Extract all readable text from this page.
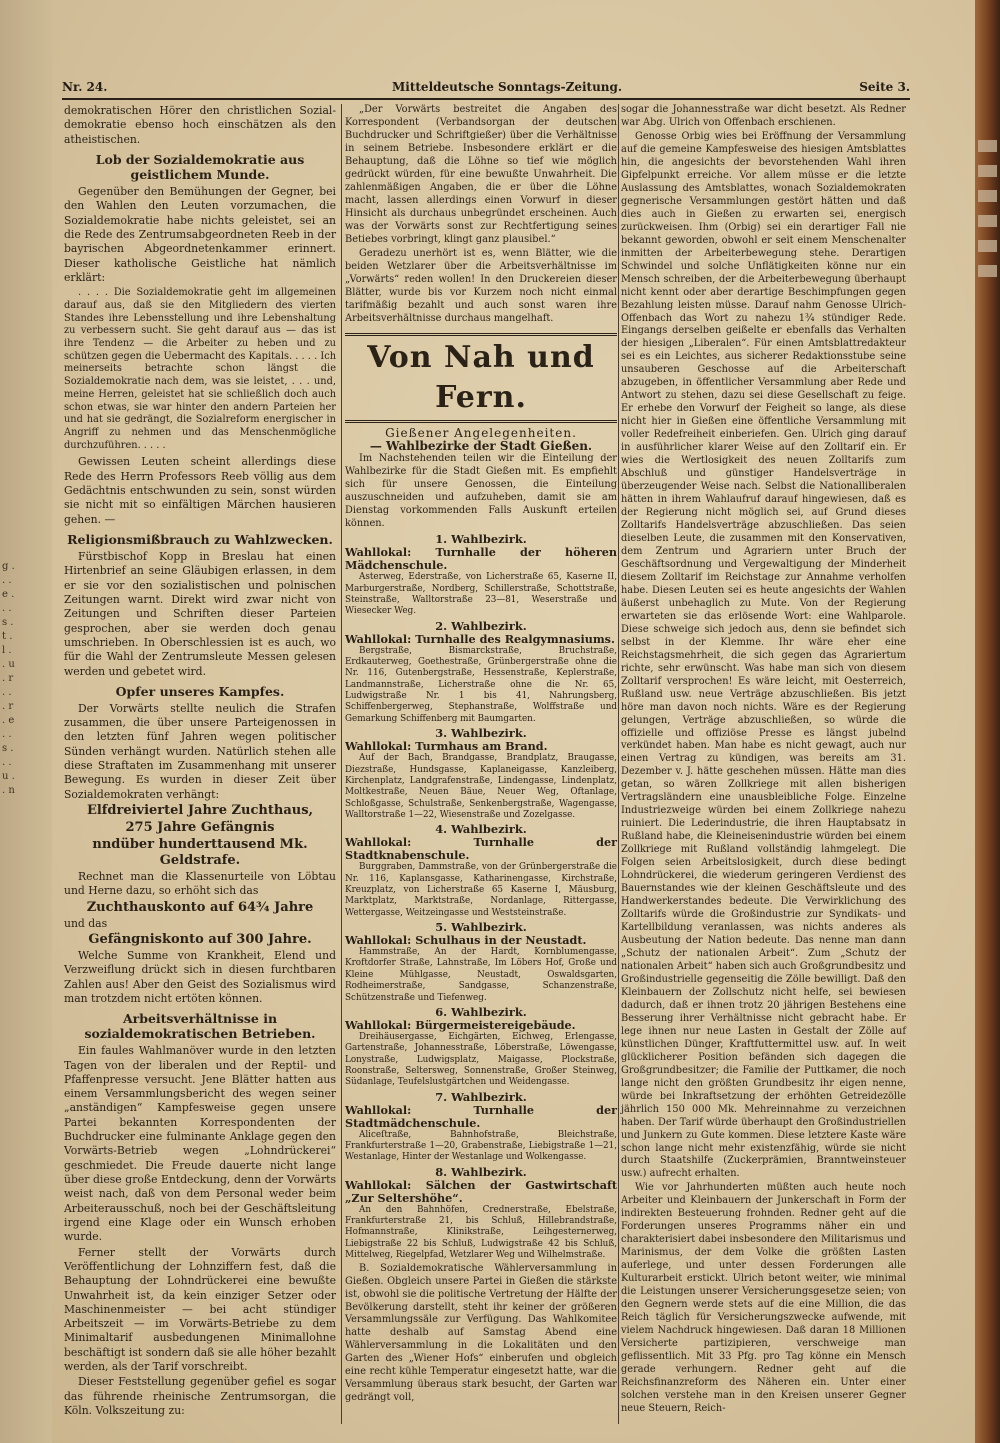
Nr. 24.	Mitteldeutsche Sonntags-Zeitung.	Seite 3.

demokratischen Hörer den christlichen Sozial-demokratie ebenso hoch einschätzen als den atheistischen.

Lob der Sozialdemokratie aus geistlichem Munde.

Gegenüber den Bemühungen der Gegner, bei den Wahlen den Leuten vorzumachen, die Sozialdemokratie habe nichts geleistet, sei an die Rede des Zentrumsabgeordneten Reeb in der bayrischen Abgeordnetenkammer erinnert. Dieser katholische Geistliche hat nämlich erklärt:

. . . . Die Sozialdemokratie geht im allgemeinen darauf aus, daß sie den Mitgliedern des vierten Standes ihre Lebensstellung und ihre Lebenshaltung zu verbessern sucht. Sie geht darauf aus — das ist ihre Tendenz — die Arbeiter zu heben und zu schützen gegen die Uebermacht des Kapitals. . . . . Ich meinerseits betrachte schon längst die Sozialdemokratie nach dem, was sie leistet, . . . und, meine Herren, geleistet hat sie schließlich doch auch schon etwas, sie war hinter den andern Parteien her und hat sie gedrängt, die Sozialreform energischer in Angriff zu nehmen und das Menschenmögliche durchzuführen. . . . .

Gewissen Leuten scheint allerdings diese Rede des Herrn Professors Reeb völlig aus dem Gedächtnis entschwunden zu sein, sonst würden sie nicht mit so einfältigen Märchen hausieren gehen. —

Religionsmißbrauch zu Wahlzwecken.

Fürstbischof Kopp in Breslau hat einen Hirtenbrief an seine Gläubigen erlassen, in dem er sie vor den sozialistischen und polnischen Zeitungen warnt. Direkt wird zwar nicht von Zeitungen und Schriften dieser Parteien gesprochen, aber sie werden doch genau umschrieben. In Oberschlessien ist es auch, wo für die Wahl der Zentrumsleute Messen gelesen werden und gebetet wird.

Opfer unseres Kampfes.

Der Vorwärts stellte neulich die Strafen zusammen, die über unsere Parteigenossen in den letzten fünf Jahren wegen politischer Sünden verhängt wurden. Natürlich stehen alle diese Straftaten im Zusammenhang mit unserer Bewegung. Es wurden in dieser Zeit über Sozialdemokraten verhängt:

Elfdreiviertel Jahre Zuchthaus,
275 Jahre Gefängnis
nndüber hunderttausend Mk. Geldstrafe.

Rechnet man die Klassenurteile von Löbtau und Herne dazu, so erhöht sich das

Zuchthauskonto auf 64¾ Jahre

und das

Gefängniskonto auf 300 Jahre.

Welche Summe von Krankheit, Elend und Verzweiflung drückt sich in diesen furchtbaren Zahlen aus! Aber den Geist des Sozialismus wird man trotzdem nicht ertöten können.

Arbeitsverhältnisse in sozialdemokratischen Betrieben.

Ein faules Wahlmanöver wurde in den letzten Tagen von der liberalen und der Reptil- und Pfaffenpresse versucht. Jene Blätter hatten aus einem Versammlungsbericht des wegen seiner „anständigen“ Kampfesweise gegen unsere Partei bekannten Korrespondenten der Buchdrucker eine fulminante Anklage gegen den Vorwärts-Betrieb wegen „Lohndrückerei“ geschmiedet. Die Freude dauerte nicht lange über diese große Entdeckung, denn der Vorwärts weist nach, daß von dem Personal weder beim Arbeiterausschuß, noch bei der Geschäftsleitung irgend eine Klage oder ein Wunsch erhoben wurde.

Ferner stellt der Vorwärts durch Veröffentlichung der Lohnziffern fest, daß die Behauptung der Lohndrückerei eine bewußte Unwahrheit ist, da kein einziger Setzer oder Maschinenmeister — bei acht stündiger Arbeitszeit — im Vorwärts-Betriebe zu dem Minimaltarif ausbedungenen Minimallohne beschäftigt ist sondern daß sie alle höher bezahlt werden, als der Tarif vorschreibt.

Dieser Feststellung gegenüber gefiel es sogar das führende rheinische Zentrumsorgan, die Köln. Volkszeitung zu:

„Der Vorwärts bestreitet die Angaben des Korrespondent (Verbandsorgan der deutschen Buchdrucker und Schriftgießer) über die Verhältnisse in seinem Betriebe. Insbesondere erklärt er die Behauptung, daß die Löhne so tief wie möglich gedrückt würden, für eine bewußte Unwahrheit. Die zahlenmäßigen Angaben, die er über die Löhne macht, lassen allerdings einen Vorwurf in dieser Hinsicht als durchaus unbegründet erscheinen. Auch was der Vorwärts sonst zur Rechtfertigung seines Betiebes vorbringt, klingt ganz plausibel.“

Geradezu unerhört ist es, wenn Blätter, wie die beiden Wetzlarer über die Arbeitsverhältnisse im „Vorwärts“ reden wollen! In den Druckereien dieser Blätter, wurde bis vor Kurzem noch nicht einmal tarifmäßig bezahlt und auch sonst waren ihre Arbeitsverhältnisse durchaus mangelhaft.

Von Nah und Fern.
Gießener Angelegenheiten.
— Wahlbezirke der Stadt Gießen.

Im Nachstehenden teilen wir die Einteilung der Wahlbezirke für die Stadt Gießen mit. Es empfiehlt sich für unsere Genossen, die Einteilung auszuschneiden und aufzuheben, damit sie am Dienstag vorkommenden Falls Auskunft erteilen können.

1. Wahlbezirk.
Wahllokal: Turnhalle der höheren Mädchenschule.

Asterweg, Ederstraße, von Licherstraße 65, Kaserne II, Marburgerstraße, Nordberg, Schillerstraße, Schottstraße, Steinstraße, Walltorstraße 23—81, Weserstraße und Wiesecker Weg.

2. Wahlbezirk.
Wahllokal: Turnhalle des Realgymnasiums.

Bergstraße, Bismarckstraße, Bruchstraße, Erdkauterweg, Goethestraße, Grünbergerstraße ohne die Nr. 116, Gutenbergstraße, Hessenstraße, Keplerstraße, Landmannstraße, Licherstraße ohne die Nr. 65, Ludwigstraße Nr. 1 bis 41, Nahrungsberg, Schiffenbergerweg, Stephanstraße, Wolffstraße und Gemarkung Schiffenberg mit Baumgarten.

3. Wahlbezirk.
Wahllokal: Turmhaus am Brand.

Auf der Bach, Brandgasse, Brandplatz, Braugasse, Diezstraße, Hundsgasse, Kaplaneigasse, Kanzleiberg, Kirchenplatz, Landgrafenstraße, Lindengasse, Lindenplatz, Moltkestraße, Neuen Bäue, Neuer Weg, Oftanlage, Schloßgasse, Schulstraße, Senkenbergstraße, Wagengasse, Walltorstraße 1—22, Wiesenstraße und Zozelgasse.

4. Wahlbezirk.
Wahllokal: Turnhalle der Stadtknabenschule.

Burggraben, Dammstraße, von der Grünbergerstraße die Nr. 116, Kaplansgasse, Katharinengasse, Kirchstraße, Kreuzplatz, von Licherstraße 65 Kaserne I, Mäusburg, Marktplatz, Marktstraße, Nordanlage, Rittergasse, Wettergasse, Weitzeingasse und Weststeinstraße.

5. Wahlbezirk.
Wahllokal: Schulhaus in der Neustadt.

Hammstraße, An der Hardt, Kornblumengasse, Kroftdorfer Straße, Lahnstraße, Im Löbers Hof, Große und Kleine Mühlgasse, Neustadt, Oswaldsgarten, Rodheimerstraße, Sandgasse, Schanzenstraße, Schützenstraße und Tiefenweg.

6. Wahlbezirk.
Wahllokal: Bürgermeistereigebäude.

Dreihäusergasse, Eichgärten, Eichweg, Erlengasse, Gartenstraße, Johannesstraße, Löberstraße, Löwengasse, Lonystraße, Ludwigsplatz, Maigasse, Plockstraße, Roonstraße, Seltersweg, Sonnenstraße, Großer Steinweg, Südanlage, Teufelslustgärtchen und Weidengasse.

7. Wahlbezirk.
Wahllokal: Turnhalle der Stadtmädchenschule.

Aliceſtraße, Bahnhofstraße, Bleichstraße, Frankfurterstraße 1—20, Grabenstraße, Liebigstraße 1—21, Westanlage, Hinter der Westanlage und Wolkengasse.

8. Wahlbezirk.
Wahllokal: Sälchen der Gastwirtschaft „Zur Seltershöhe“.

An den Bahnhöfen, Crednerstraße, Ebelstraße, Frankfurterstraße 21, bis Schluß, Hillebrandstraße, Hofmannstraße, Klinikstraße, Leihgesternerweg, Liebigstraße 22 bis Schluß, Ludwigstraße 42 bis Schluß, Mittelweg, Riegelpfad, Wetzlarer Weg und Wilhelmstraße.

B. Sozialdemokratische Wählerversammlung in Gießen. Obgleich unsere Partei in Gießen die stärkste ist, obwohl sie die politische Vertretung der Hälfte der Bevölkerung darstellt, steht ihr keiner der größeren Versammlungssäle zur Verfügung. Das Wahlkomitee hatte deshalb auf Samstag Abend eine Wählerversammlung in die Lokalitäten und den Garten des „Wiener Hofs“ einberufen und obgleich eine recht kühle Temperatur eingesetzt hatte, war die Versammlung überaus stark besucht, der Garten war gedrängt voll,

sogar die Johannesstraße war dicht besetzt. Als Redner war Abg. Ulrich von Offenbach erschienen.

Genosse Orbig wies bei Eröffnung der Versammlung auf die gemeine Kampfesweise des hiesigen Amtsblattes hin, die angesichts der bevorstehenden Wahl ihren Gipfelpunkt erreiche. Vor allem müsse er die letzte Auslassung des Amtsblattes, wonach Sozialdemokraten gegnerische Versammlungen gestört hätten und daß dies auch in Gießen zu erwarten sei, energisch zurückweisen. Ihm (Orbig) sei ein derartiger Fall nie bekannt geworden, obwohl er seit einem Menschenalter inmitten der Arbeiterbewegung stehe. Derartigen Schwindel und solche Unflätigkeiten könne nur ein Mensch schreiben, der die Arbeiterbewegung überhaupt nicht kennt oder aber derartige Beschimpfungen gegen Bezahlung leisten müsse. Darauf nahm Genosse Ulrich-Offenbach das Wort zu nahezu 1¾ stündiger Rede. Eingangs derselben geißelte er ebenfalls das Verhalten der hiesigen „Liberalen“. Für einen Amtsblattredakteur sei es ein Leichtes, aus sicherer Redaktionsstube seine unsauberen Geschosse auf die Arbeiterschaft abzugeben, in öffentlicher Versammlung aber Rede und Antwort zu stehen, dazu sei diese Gesellschaft zu feige. Er erhebe den Vorwurf der Feigheit so lange, als diese nicht hier in Gießen eine öffentliche Versammlung mit voller Redefreiheit einberiefen. Gen. Ulrich ging darauf in ausführlicher klarer Weise auf den Zolltarif ein. Er wies die Wertlosigkeit des neuen Zolltarifs zum Abschluß und günstiger Handelsverträge in überzeugender Weise nach. Selbst die Nationalliberalen hätten in ihrem Wahlaufruf darauf hingewiesen, daß es der Regierung nicht möglich sei, auf Grund dieses Zolltarifs Handelsverträge abzuschließen. Das seien dieselben Leute, die zusammen mit den Konservativen, dem Zentrum und Agrariern unter Bruch der Geschäftsordnung und Vergewaltigung der Minderheit diesem Zolltarif im Reichstage zur Annahme verholfen habe. Diesen Leuten sei es heute angesichts der Wahlen äußerst unbehaglich zu Mute. Von der Regierung erwarteten sie das erlösende Wort: eine Wahlparole. Diese schweige sich jedoch aus, denn sie befindet sich selbst in der Klemme. Ihr wäre eher eine Reichstagsmehrheit, die sich gegen das Agrariertum richte, sehr erwünscht. Was habe man sich von diesem Zolltarif versprochen! Es wäre leicht, mit Oesterreich, Rußland usw. neue Verträge abzuschließen. Bis jetzt höre man davon noch nichts. Wäre es der Regierung gelungen, Verträge abzuschließen, so würde die offizielle und offiziöse Presse es längst jubelnd verkündet haben. Man habe es nicht gewagt, auch nur einen Vertrag zu kündigen, was bereits am 31. Dezember v. J. hätte geschehen müssen. Hätte man dies getan, so wären Zollkriege mit allen bisherigen Vertragsländern eine unausbleibliche Folge. Einzelne Industriezweige würden bei einem Zollkriege nahezu ruiniert. Die Lederindustrie, die ihren Hauptabsatz in Rußland habe, die Kleineisenindustrie würden bei einem Zollkriege mit Rußland vollständig lahmgelegt. Die Folgen seien Arbeitslosigkeit, durch diese bedingt Lohndrückerei, die wiederum geringeren Verdienst des Bauernstandes wie der kleinen Geschäftsleute und des Handwerkerstandes bedeute. Die Verwirklichung des Zolltarifs würde die Großindustrie zur Syndikats- und Kartellbildung veranlassen, was nichts anderes als Ausbeutung der Nation bedeute. Das nenne man dann „Schutz der nationalen Arbeit“. Zum „Schutz der nationalen Arbeit“ haben sich auch Großgrundbesitz und Großindustrielle gegenseitig die Zölle bewilligt. Daß den Kleinbauern der Zollschutz nicht helfe, sei bewiesen dadurch, daß er ihnen trotz 20 jährigen Bestehens eine Besserung ihrer Verhältnisse nicht gebracht habe. Er lege ihnen nur neue Lasten in Gestalt der Zölle auf künstlichen Dünger, Kraftfuttermittel usw. auf. In weit glücklicherer Position befänden sich dagegen die Großgrundbesitzer; die Familie der Puttkamer, die noch lange nicht den größten Grundbesitz ihr eigen nenne, würde bei Inkraftsetzung der erhöhten Getreidezölle jährlich 150 000 Mk. Mehreinnahme zu verzeichnen haben. Der Tarif würde überhaupt den Großindustriellen und Junkern zu Gute kommen. Diese letztere Kaste wäre schon lange nicht mehr existenzfähig, würde sie nicht durch Staatshilfe (Zuckerprämien, Branntweinsteuer usw.) aufrecht erhalten.

Wie vor Jahrhunderten müßten auch heute noch Arbeiter und Kleinbauern der Junkerschaft in Form der indirekten Besteuerung frohnden. Redner geht auf die Forderungen unseres Programms näher ein und charakterisiert dabei insbesondere den Militarismus und Marinismus, der dem Volke die größten Lasten auferlege, und unter dessen Forderungen alle Kulturarbeit erstickt. Ulrich betont weiter, wie minimal die Leistungen unserer Versicherungsgesetze seien; von den Gegnern werde stets auf die eine Million, die das Reich täglich für Versicherungszwecke aufwende, mit vielem Nachdruck hingewiesen. Daß daran 18 Millionen Versicherte partizipieren, verschweige man geflissentlich. Mit 33 Pfg. pro Tag könne ein Mensch gerade verhungern. Redner geht auf die Reichsfinanzreform des Näheren ein. Unter einer solchen verstehe man in den Kreisen unserer Gegner neue Steuern, Reich-

g . . . e . . . s . t . l . . u . r . . . r . e . . s . . . u . . n
